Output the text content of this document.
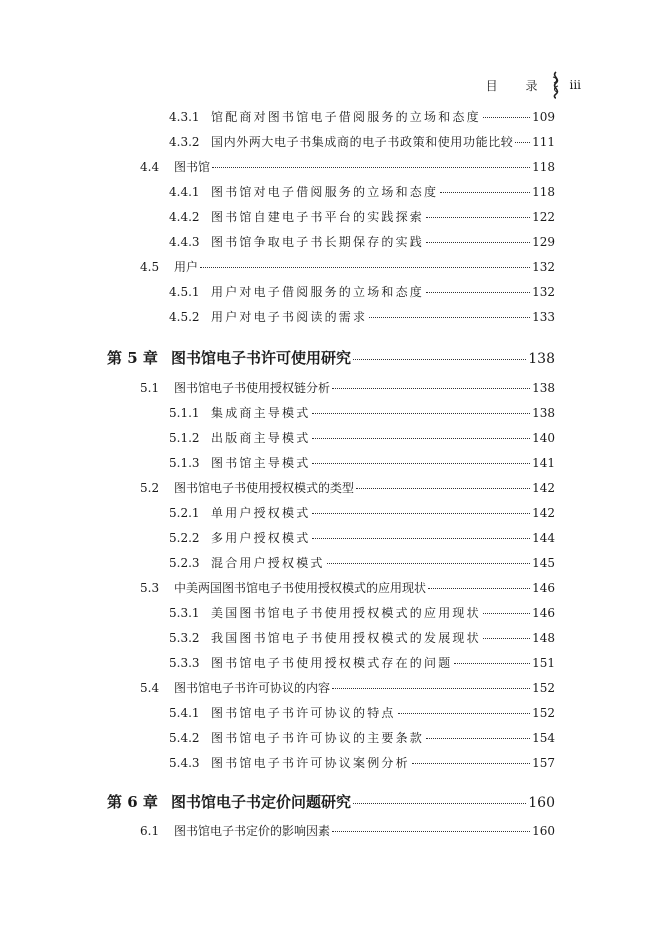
目 录 iii
4.3.1 馆配商对图书馆电子借阅服务的立场和态度	109
4.3.2 国内外两大电子书集成商的电子书政策和使用功能比较 111
4.4	图书馆	118
4.4.1 图书馆对电子借阅服务的立场和态度	118
4.4.2 图书馆自建电子书平台的实践探索	122
4.4.3 图书馆争取电子书长期保存的实践	129
4.5	用户	132
4.5.1 用户对电子借阅服务的立场和态度	132
4.5.2 用户对电子书阅读的需求	133
第 5 章 图书馆电子书许可使用研究	138
5.1	图书馆电子书使用授权链分析	138
5.1.1 集成商主导模式	138
5.1.2 出版商主导模式	140
5.1.3 图书馆主导模式	141
5.2	图书馆电子书使用授权模式的类型	142
5.2.1 单用户授权模式	142
5.2.2 多用户授权模式	144
5.2.3 混合用户授权模式	145
5.3	中美两国图书馆电子书使用授权模式的应用现状	146
5.3.1 美国图书馆电子书使用授权模式的应用现状	146
5.3.2 我国图书馆电子书使用授权模式的发展现状	148
5.3.3 图书馆电子书使用授权模式存在的问题	151
5.4	图书馆电子书许可协议的内容	152
5.4.1 图书馆电子书许可协议的特点	152
5.4.2 图书馆电子书许可协议的主要条款	154
5.4.3 图书馆电子书许可协议案例分析	157
第 6 章 图书馆电子书定价问题研究	160
6.1	图书馆电子书定价的影响因素	160
